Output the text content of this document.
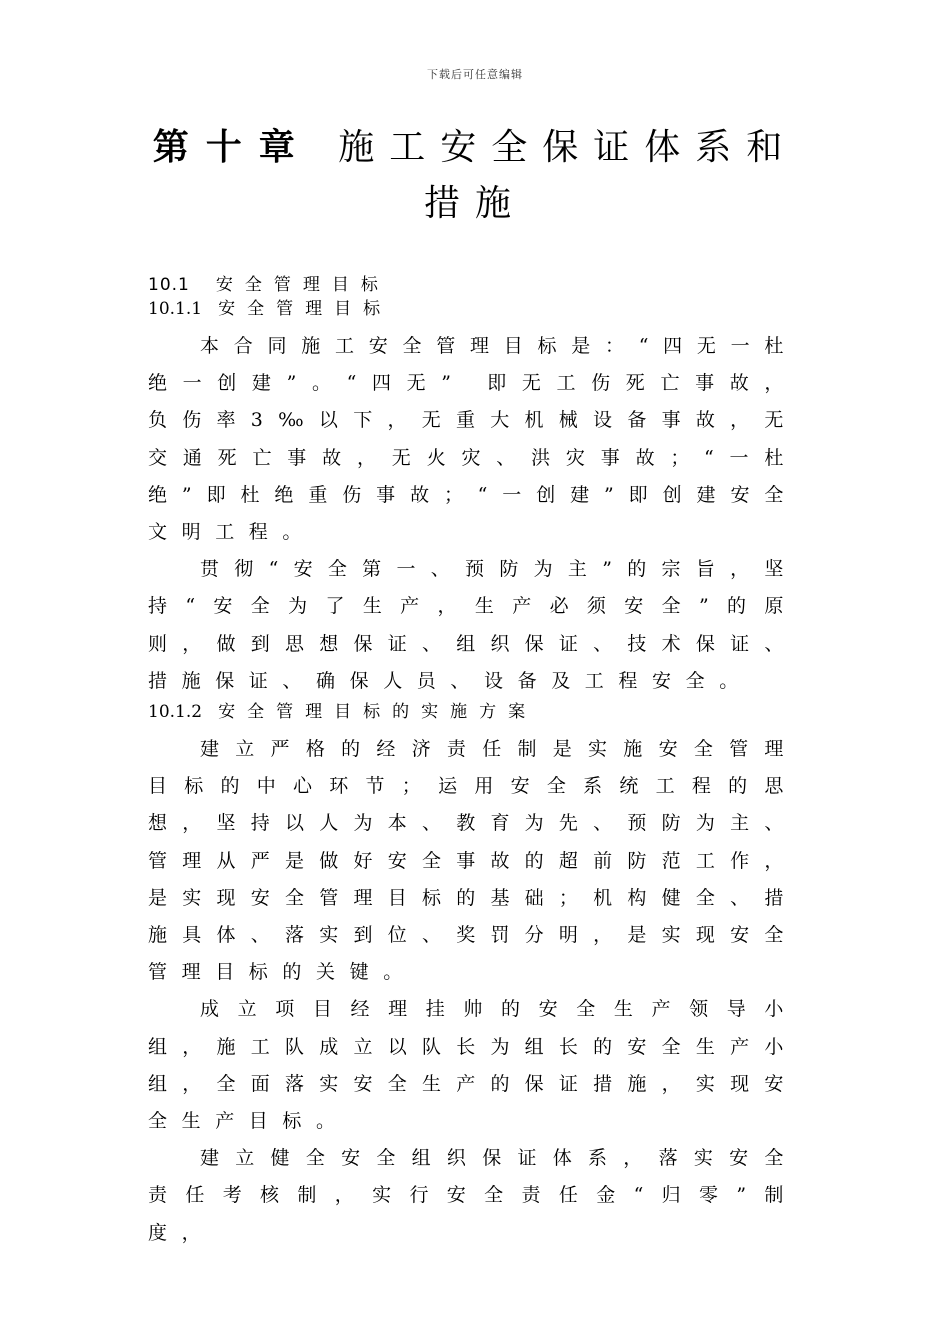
下载后可任意编辑
第十章 施工安全保证体系和
措施
10.1 安全管理目标
10.1.1 安全管理目标

本合同施工安全管理目标是：“四无一杜绝一创建”。“四无” 即无工伤死亡事故，负伤率3‰以下，无重大机械设备事故，无交通死亡事故，无火灾、洪灾事故；“一杜绝”即杜绝重伤事故；“一创建”即创建安全文明工程。

贯彻“安全第一、预防为主”的宗旨，坚持“安全为了生产，生产必须安全”的原则，做到思想保证、组织保证、技术保证、措施保证、确保人员、设备及工程安全。

10.1.2 安全管理目标的实施方案

建立严格的经济责任制是实施安全管理目标的中心环节；运用安全系统工程的思想，坚持以人为本、教育为先、预防为主、管理从严是做好安全事故的超前防范工作，是实现安全管理目标的基础；机构健全、措施具体、落实到位、奖罚分明，是实现安全管理目标的关键。

成立项目经理挂帅的安全生产领导小组，施工队成立以队长为组长的安全生产小组，全面落实安全生产的保证措施，实现安全生产目标。

建立健全安全组织保证体系，落实安全责任考核制，实行安全责任金“归零”制度，
